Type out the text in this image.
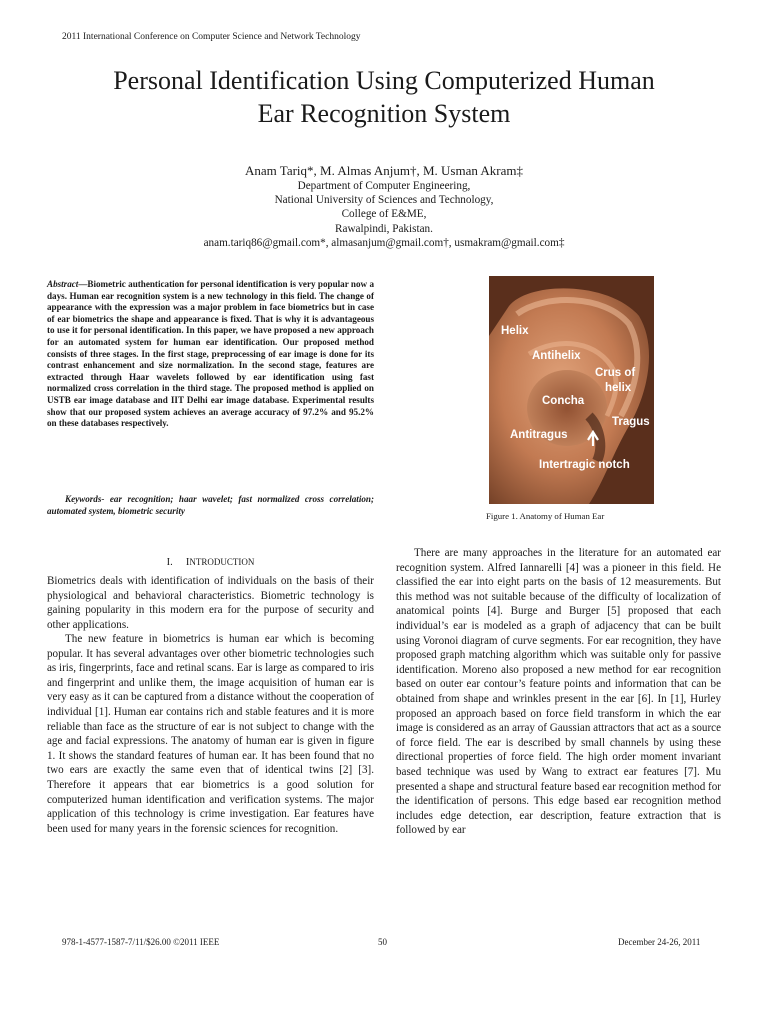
2011 International Conference on Computer Science and Network Technology
Personal Identification Using Computerized Human
Ear Recognition System
Anam Tariq*, M. Almas Anjum†, M. Usman Akram‡
Department of Computer Engineering,
National University of Sciences and Technology,
College of E&ME,
Rawalpindi, Pakistan.
anam.tariq86@gmail.com*, almasanjum@gmail.com†, usmakram@gmail.com‡

Abstract—Biometric authentication for personal identification is very popular now a days. Human ear recognition system is a new technology in this field. The change of appearance with the expression was a major problem in face biometrics but in case of ear biometrics the shape and appearance is fixed. That is why it is advantageous to use it for personal identification. In this paper, we have proposed a new approach for an automated system for human ear identification. Our proposed method consists of three stages. In the first stage, preprocessing of ear image is done for its contrast enhancement and size normalization. In the second stage, features are extracted through Haar wavelets followed by ear identification using fast normalized cross correlation in the third stage. The proposed method is applied on USTB ear image database and IIT Delhi ear image database. Experimental results show that our proposed system achieves an average accuracy of 97.2% and 95.2% on these databases respectively.

Keywords- ear recognition; haar wavelet; fast normalized cross correlation; automated system, biometric security

Helix
Antihelix
Crus of
helix
Concha
Tragus
Antitragus
Intertragic notch
Figure 1. Anatomy of Human Ear
I. INTRODUCTION

Biometrics deals with identification of individuals on the basis of their physiological and behavioral characteristics. Biometric technology is gaining popularity in this modern era for the purpose of security and other applications.

The new feature in biometrics is human ear which is becoming popular. It has several advantages over other biometric technologies such as iris, fingerprints, face and retinal scans. Ear is large as compared to iris and fingerprint and unlike them, the image acquisition of human ear is very easy as it can be captured from a distance without the cooperation of individual [1]. Human ear contains rich and stable features and it is more reliable than face as the structure of ear is not subject to change with the age and facial expressions. The anatomy of human ear is given in figure 1. It shows the standard features of human ear. It has been found that no two ears are exactly the same even that of identical twins [2] [3]. Therefore it appears that ear biometrics is a good solution for computerized human identification and verification systems. The major application of this technology is crime investigation. Ear features have been used for many years in the forensic sciences for recognition.

There are many approaches in the literature for an automated ear recognition system. Alfred Iannarelli [4] was a pioneer in this field. He classified the ear into eight parts on the basis of 12 measurements. But this method was not suitable because of the difficulty of localization of anatomical points [4]. Burge and Burger [5] proposed that each individual’s ear is modeled as a graph of adjacency that can be built using Voronoi diagram of curve segments. For ear recognition, they have proposed graph matching algorithm which was suitable only for passive identification. Moreno also proposed a new method for ear recognition based on outer ear contour’s feature points and information that can be obtained from shape and wrinkles present in the ear [6]. In [1], Hurley proposed an approach based on force field transform in which the ear image is considered as an array of Gaussian attractors that act as a source of force field. The ear is described by small channels by using these directional properties of force field. The high order moment invariant based technique was used by Wang to extract ear features [7]. Mu presented a shape and structural feature based ear recognition method for the identification of persons. This edge based ear recognition method includes edge detection, ear description, feature extraction that is followed by ear

978-1-4577-1587-7/11/$26.00 ©2011 IEEE	50	December 24-26, 2011
